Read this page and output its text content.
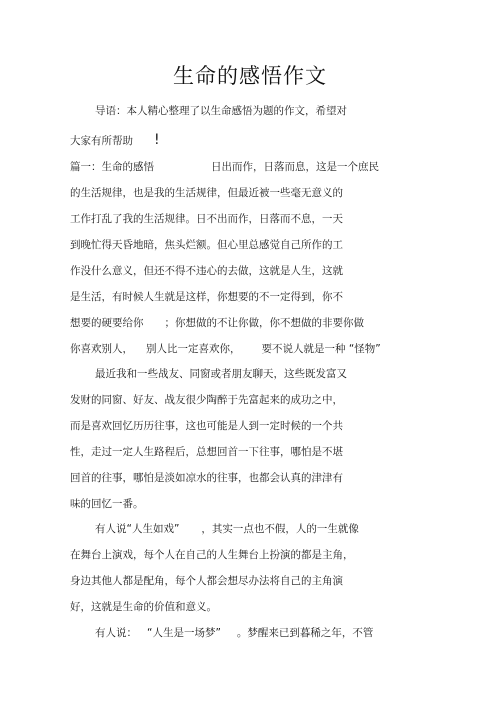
生命的感悟作文
导语：本人精心整理了以生命感悟为题的作文，希望对
大家有所帮助	!
篇一：生命的感悟	日出而作，日落而息，这是一个庶民
的生活规律，也是我的生活规律，但最近被一些毫无意义的
工作打乱了我的生活规律。日不出而作，日落而不息，一天
到晚忙得天昏地暗，焦头烂额。但心里总感觉自己所作的工
作没什么意义，但还不得不违心的去做，这就是人生，这就
是生活，有时候人生就是这样，你想要的不一定得到，你不
想要的硬要给你 ；你想做的不让你做，你不想做的非要你做
你喜欢别人， 别人比一定喜欢你， 要不说人就是一种 “怪物”
最近我和一些战友、同窗或者朋友聊天，这些既发富又
发财的同窗、好友、战友很少陶醉于先富起来的成功之中，
而是喜欢回忆历历往事，这也可能是人到一定时候的一个共
性，走过一定人生路程后，总想回首一下往事，哪怕是不堪
回首的往事，哪怕是淡如凉水的往事，也都会认真的津津有
味的回忆一番。
有人说“人生如戏” ，其实一点也不假，人的一生就像
在舞台上演戏，每个人在自己的人生舞台上扮演的都是主角，
身边其他人都是配角，每个人都会想尽办法将自己的主角演
好，这就是生命的价值和意义。
有人说： “人生是一场梦” 。梦醒来已到暮稀之年，不管
